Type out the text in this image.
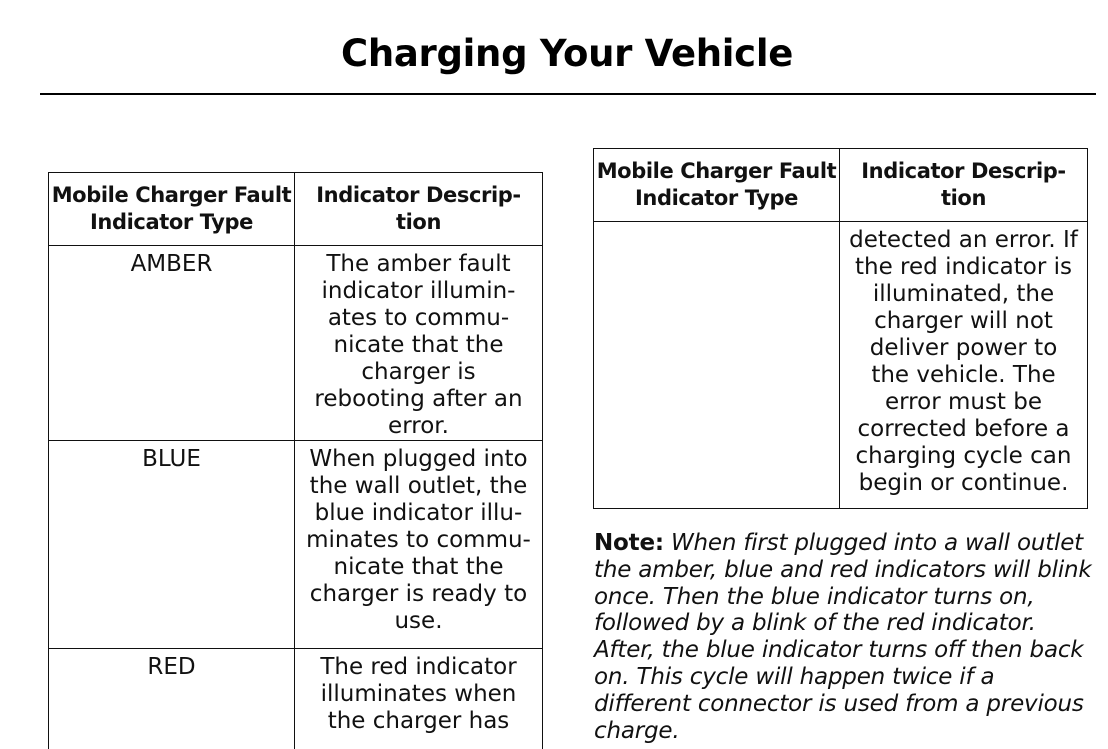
Charging Your Vehicle
Mobile Charger Fault Indicator Type	Indicator Descrip- tion

AMBER	The amber fault indicator illumin- ates to commu- nicate that the charger is rebooting after an error.

BLUE	When plugged into the wall outlet, the blue indicator illu- minates to commu- nicate that the charger is ready to use.

RED	The red indicator illuminates when the charger has
Mobile Charger Fault Indicator Type	Indicator Descrip- tion

	detected an error. If the red indicator is illuminated, the charger will not deliver power to the vehicle. The error must be corrected before a charging cycle can begin or continue.
Note: When first plugged into a wall outlet the amber, blue and red indicators will blink once. Then the blue indicator turns on, followed by a blink of the red indicator. After, the blue indicator turns off then back on. This cycle will happen twice if a different connector is used from a previous charge.
